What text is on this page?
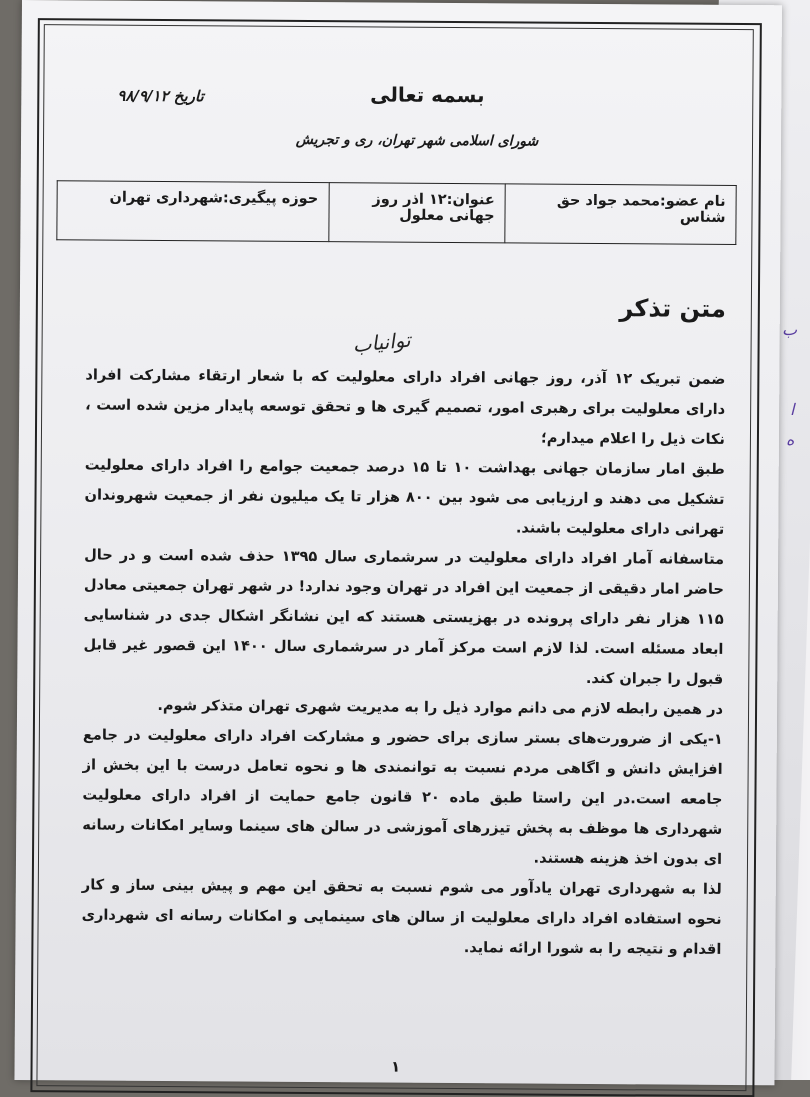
ب
ا
ه
بسمه تعالی
تاریخ ۹۸/۹/۱۲
شورای اسلامی شهر تهران، ری و تجریش
نام عضو:محمد جواد حق شناس	عنوان:۱۲ اذر روز جهانی معلول	حوزه پیگیری:شهرداری تهران
متن تذکر
توانیاب

ضمن تبریک ۱۲ آذر، روز جهانی افراد دارای معلولیت که با شعار ارتقاء مشارکت افراد دارای معلولیت برای رهبری امور، تصمیم گیری ها و تحقق توسعه پایدار مزین شده است ، نکات ذیل را اعلام میدارم؛

طبق امار سازمان جهانی بهداشت ۱۰ تا ۱۵ درصد جمعیت جوامع را افراد دارای معلولیت تشکیل می دهند و ارزیابی می شود بین ۸۰۰ هزار تا یک میلیون نفر از جمعیت شهروندان تهرانی دارای معلولیت باشند.

متاسفانه آمار افراد دارای معلولیت در سرشماری سال ۱۳۹۵ حذف شده است و در حال حاضر امار دقیقی از جمعیت این افراد در تهران وجود ندارد! در شهر تهران جمعیتی معادل ۱۱۵ هزار نفر دارای پرونده در بهزیستی هستند که این نشانگر اشکال جدی در شناسایی ابعاد مسئله است. لذا لازم است مرکز آمار در سرشماری سال ۱۴۰۰ این قصور غیر قابل قبول را جبران کند.

در همین رابطه لازم می دانم موارد ذیل را به مدیریت شهری تهران متذکر شوم.

۱-یکی از ضرورت‌های بستر سازی برای حضور و مشارکت افراد دارای معلولیت در جامع افزایش دانش و اگاهی مردم نسبت به توانمندی ها و نحوه تعامل درست با این بخش از جامعه است.در این راستا طبق ماده ۲۰ قانون جامع حمایت از افراد دارای معلولیت شهرداری ها موظف به پخش تیزرهای آموزشی در سالن های سینما وسایر امکانات رسانه ای بدون اخذ هزینه هستند.

لذا به شهرداری تهران یادآور می شوم نسبت به تحقق این مهم و پیش بینی ساز و کار نحوه استفاده افراد دارای معلولیت از سالن های سینمایی و امکانات رسانه ای شهرداری اقدام و نتیجه را به شورا ارائه نماید.

۱
